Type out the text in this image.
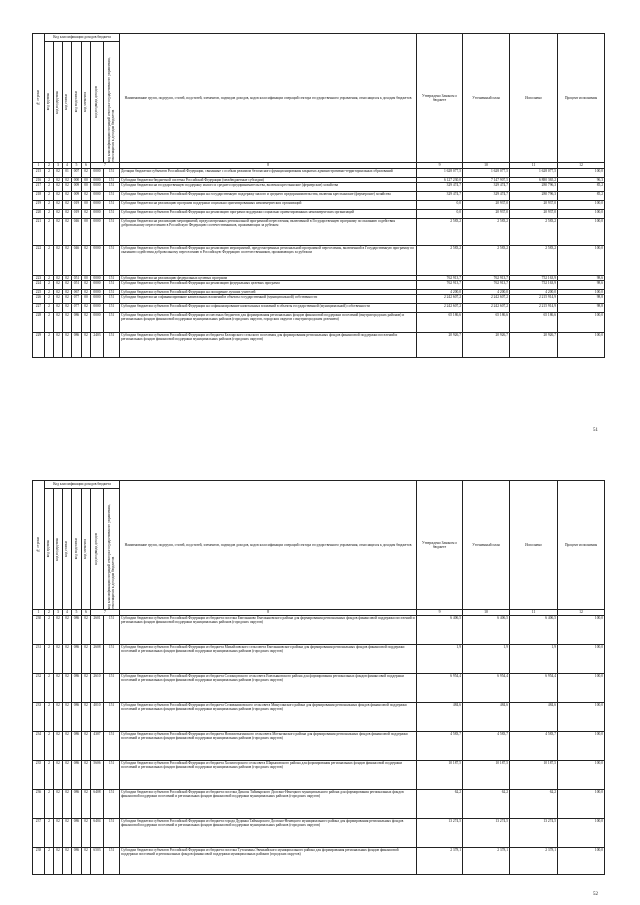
№ строки	Код классификации доходов бюджета							Наименование групп, подгрупп, статей, подстатей, элементов, подвидов доходов, кодов классификации операций сектора государственного управления, относящихся к доходам бюджетов	Утверждено Законом о бюджете	Уточненный план	Исполнено	Процент исполнения

	код группы	код подгруппы	код статьи	код подстатьи	код элемента	код подвида доходов	код классификации операций сектора государственного управления, относящихся к доходам бюджетов					

1	2	3	4	5	6	7		8	9	10	11	12
215	2	02	01	007	02	0000	151	Дотации бюджетам субъектов Российской Федерации, связанные с особым режимом безопасного функционирования закрытых административно-территориальных образований	1 628 077,5	1 628 077,5	1 628 077,5	100,0
216	2	02	02	000	00	0000	151	Субсидии бюджетам бюджетной системы Российской Федерации (межбюджетные субсидии)	6 127 230,0	7 147 907,5	6 880 365,2	96,3
217	2	02	02	009	00	0000	151	Субсидии бюджетам на государственную поддержку малого и среднего предпринимательства, включая крестьянские (фермерские) хозяйства	329 474,7	329 474,7	280 796,3	85,2
218	2	02	02	009	02	0000	151	Субсидии бюджетам субъектов Российской Федерации на государственную поддержку малого и среднего предпринимательства, включая крестьянские (фермерские) хозяйства	329 474,7	329 474,7	280 796,3	85,2
219	2	02	02	019	00	0000	151	Субсидии бюджетам на реализацию программ поддержки социально ориентированных некоммерческих организаций	0,0	20 937,0	20 937,0	100,0
220	2	02	02	019	02	0000	151	Субсидии бюджетам субъектов Российской Федерации на реализацию программ поддержки социально ориентированных некоммерческих организаций	0,0	20 937,0	20 937,0	100,0
221	2	02	02	046	00	0000	151	Субсидии бюджетам на реализацию мероприятий, предусмотренных региональной программой переселения, включенной в Государственную программу по оказанию содействия добровольному переселению в Российскую Федерацию соотечественников, проживающих за рубежом	2 583,2	2 583,2	2 583,2	100,0
222	2	02	02	046	02	0000	151	Субсидии бюджетам субъектов Российской Федерации на реализацию мероприятий, предусмотренных региональной программой переселения, включенной в Государственную программу по оказанию содействия добровольному переселению в Российскую Федерацию соотечественников, проживающих за рубежом	2 583,2	2 583,2	2 583,2	100,0
223	2	02	02	051	00	0000	151	Субсидии бюджетам на реализацию федеральных целевых программ	762 913,7	762 913,7	752 163,9	98,6
224	2	02	02	051	02	0000	151	Субсидии бюджетам субъектов Российской Федерации на реализацию федеральных целевых программ	762 913,7	762 913,7	752 163,9	98,6
225	2	02	02	067	02	0000	151	Субсидии бюджетам субъектов Российской Федерации на поощрение лучших учителей	4 200,0	4 200,0	4 200,0	100,0
226	2	02	02	077	00	0000	151	Субсидии бюджетам на софинансирование капитальных вложений в объекты государственной (муниципальной) собственности	2 242 607,2	2 242 607,2	2 215 914,9	98,8
227	2	02	02	077	02	0000	151	Субсидии бюджетам субъектов Российской Федерации на софинансирование капитальных вложений в объекты государственной (муниципальной) собственности	2 242 607,2	2 242 607,2	2 215 914,9	98,8
228	2	02	02	086	02	0000	151	Субсидии бюджетам субъектов Российской Федерации из местных бюджетов для формирования региональных фондов финансовой поддержки поселений (внутригородских районов) и региональных фондов финансовой поддержки муниципальных районов (городских округов, городских округов с внутригородским делением)	65 186,6	65 186,6	65 186,6	100,0
229	2	02	02	086	02	2403	151	Субсидии бюджетам субъектов Российской Федерации из бюджета Белоярского сельского поселения для формирования региональных фондов финансовой поддержки поселений и региональных фондов финансовой поддержки муниципальных районов (городских округов)	20 926,7	20 926,7	20 926,7	100,0
51
№ строки	Код классификации доходов бюджета							Наименование групп, подгрупп, статей, подстатей, элементов, подвидов доходов, кодов классификации операций сектора государственного управления, относящихся к доходам бюджетов	Утверждено Законом о бюджете	Уточненный план	Исполнено	Процент исполнения

	код группы	код подгруппы	код статьи	код подстатьи	код элемента	код подвида доходов	код классификации операций сектора государственного управления, относящихся к доходам бюджетов					

1	2	3	4	5	6	7		8	9	10	11	12
230	2	02	02	086	02	2601	151	Субсидии бюджетам субъектов Российской Федерации из бюджета поселка Емельяново Емельяновского района для формирования региональных фондов финансовой поддержки поселений и региональных фондов финансовой поддержки муниципальных районов (городских округов)	6 406,5	6 406,5	6 406,5	100,0
231	2	02	02	086	02	2608	151	Субсидии бюджетам субъектов Российской Федерации из бюджета Михайловского сельсовета Емельяновского района для формирования региональных фондов финансовой поддержки поселений и региональных фондов финансовой поддержки муниципальных районов (городских округов)	1,9	1,9	1,9	100,0
232	2	02	02	086	02	2610	151	Субсидии бюджетам субъектов Российской Федерации из бюджета Солонцовского сельсовета Емельяновского района для формирования региональных фондов финансовой поддержки поселений и региональных фондов финансовой поддержки муниципальных районов (городских округов)	6 954,4	6 954,4	6 954,4	100,0
233	2	02	02	086	02	4010	151	Субсидии бюджетам субъектов Российской Федерации из бюджета Селиваниховского сельсовета Минусинского района для формирования региональных фондов финансовой поддержки поселений и региональных фондов финансовой поддержки муниципальных районов (городских округов)	484,6	484,6	484,6	100,0
234	2	02	02	086	02	4307	151	Субсидии бюджетам субъектов Российской Федерации из бюджета Новомотыгинского сельсовета Мотыгинского района для формирования региональных фондов финансовой поддержки поселений и региональных фондов финансовой поддержки муниципальных районов (городских округов)	4 583,7	4 583,7	4 583,7	100,0
235	2	02	02	086	02	5606	151	Субсидии бюджетам субъектов Российской Федерации из бюджета Холмогорского сельсовета Шарыповского района для формирования региональных фондов финансовой поддержки поселений и региональных фондов финансовой поддержки муниципальных районов (городских округов)	10 187,5	10 187,5	10 187,5	100,0
236	2	02	02	086	02	6408	151	Субсидии бюджетам субъектов Российской Федерации из бюджета поселка Диксон Таймырского Долгано-Ненецкого муниципального района для формирования региональных фондов финансовой поддержки поселений и региональных фондов финансовой поддержки муниципальных районов (городских округов)	62,2	62,2	62,2	100,0
237	2	02	02	086	02	6404	151	Субсидии бюджетам субъектов Российской Федерации из бюджета города Дудинка Таймырского Долгано-Ненецкого муниципального района для формирования региональных фондов финансовой поддержки поселений и региональных фондов финансовой поддержки муниципальных районов (городских округов)	13 274,5	13 274,5	13 274,5	100,0
238	2	02	02	086	02	6503	151	Субсидии бюджетам субъектов Российской Федерации из бюджета поселка Тутончаны Эвенкийского муниципального района для формирования региональных фондов финансовой поддержки поселений и региональных фондов финансовой поддержки муниципальных районов (городских округов)	2 378,1	2 378,1	2 378,1	100,0
52
